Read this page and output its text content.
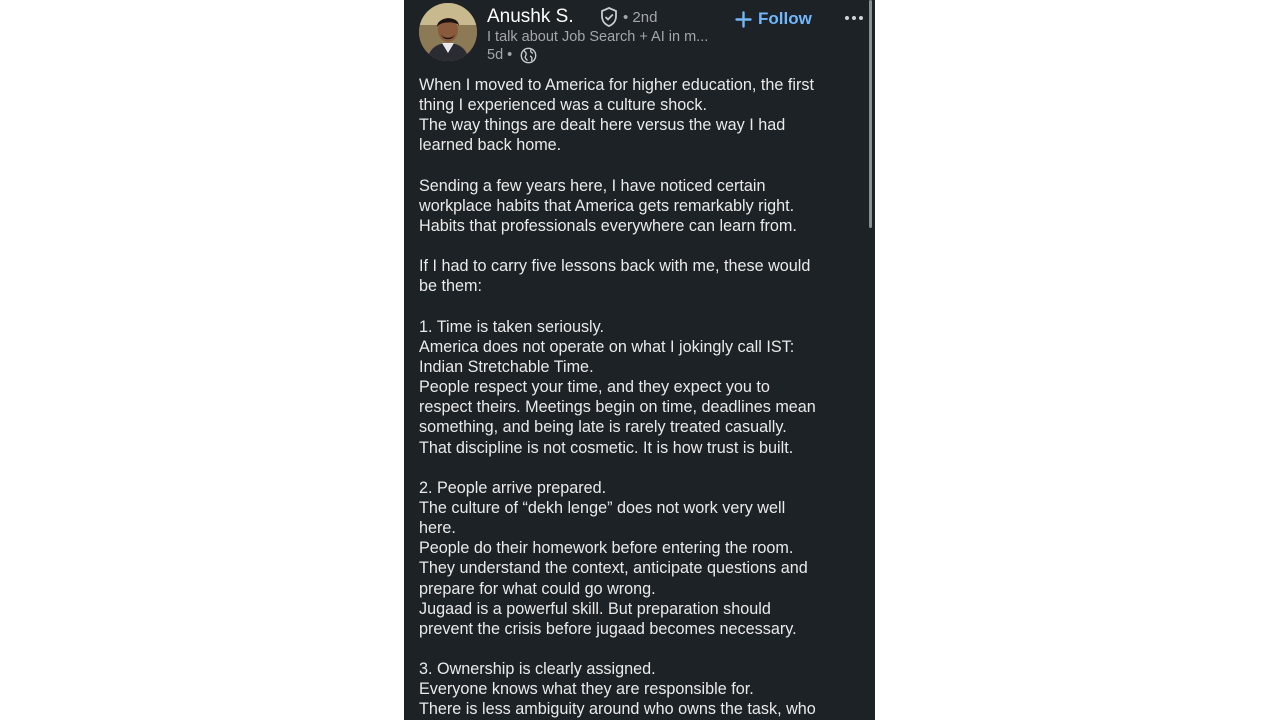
Anushk S.	• 2nd
I talk about Job Search + AI in m...
5d •
Follow
When I moved to America for higher education, the first
thing I experienced was a culture shock.
The way things are dealt here versus the way I had
learned back home.
Sending a few years here, I have noticed certain
workplace habits that America gets remarkably right.
Habits that professionals everywhere can learn from.
If I had to carry five lessons back with me, these would
be them:
1. Time is taken seriously.
America does not operate on what I jokingly call IST:
Indian Stretchable Time.
People respect your time, and they expect you to
respect theirs. Meetings begin on time, deadlines mean
something, and being late is rarely treated casually.
That discipline is not cosmetic. It is how trust is built.
2. People arrive prepared.
The culture of “dekh lenge” does not work very well
here.
People do their homework before entering the room.
They understand the context, anticipate questions and
prepare for what could go wrong.
Jugaad is a powerful skill. But preparation should
prevent the crisis before jugaad becomes necessary.
3. Ownership is clearly assigned.
Everyone knows what they are responsible for.
There is less ambiguity around who owns the task, who
